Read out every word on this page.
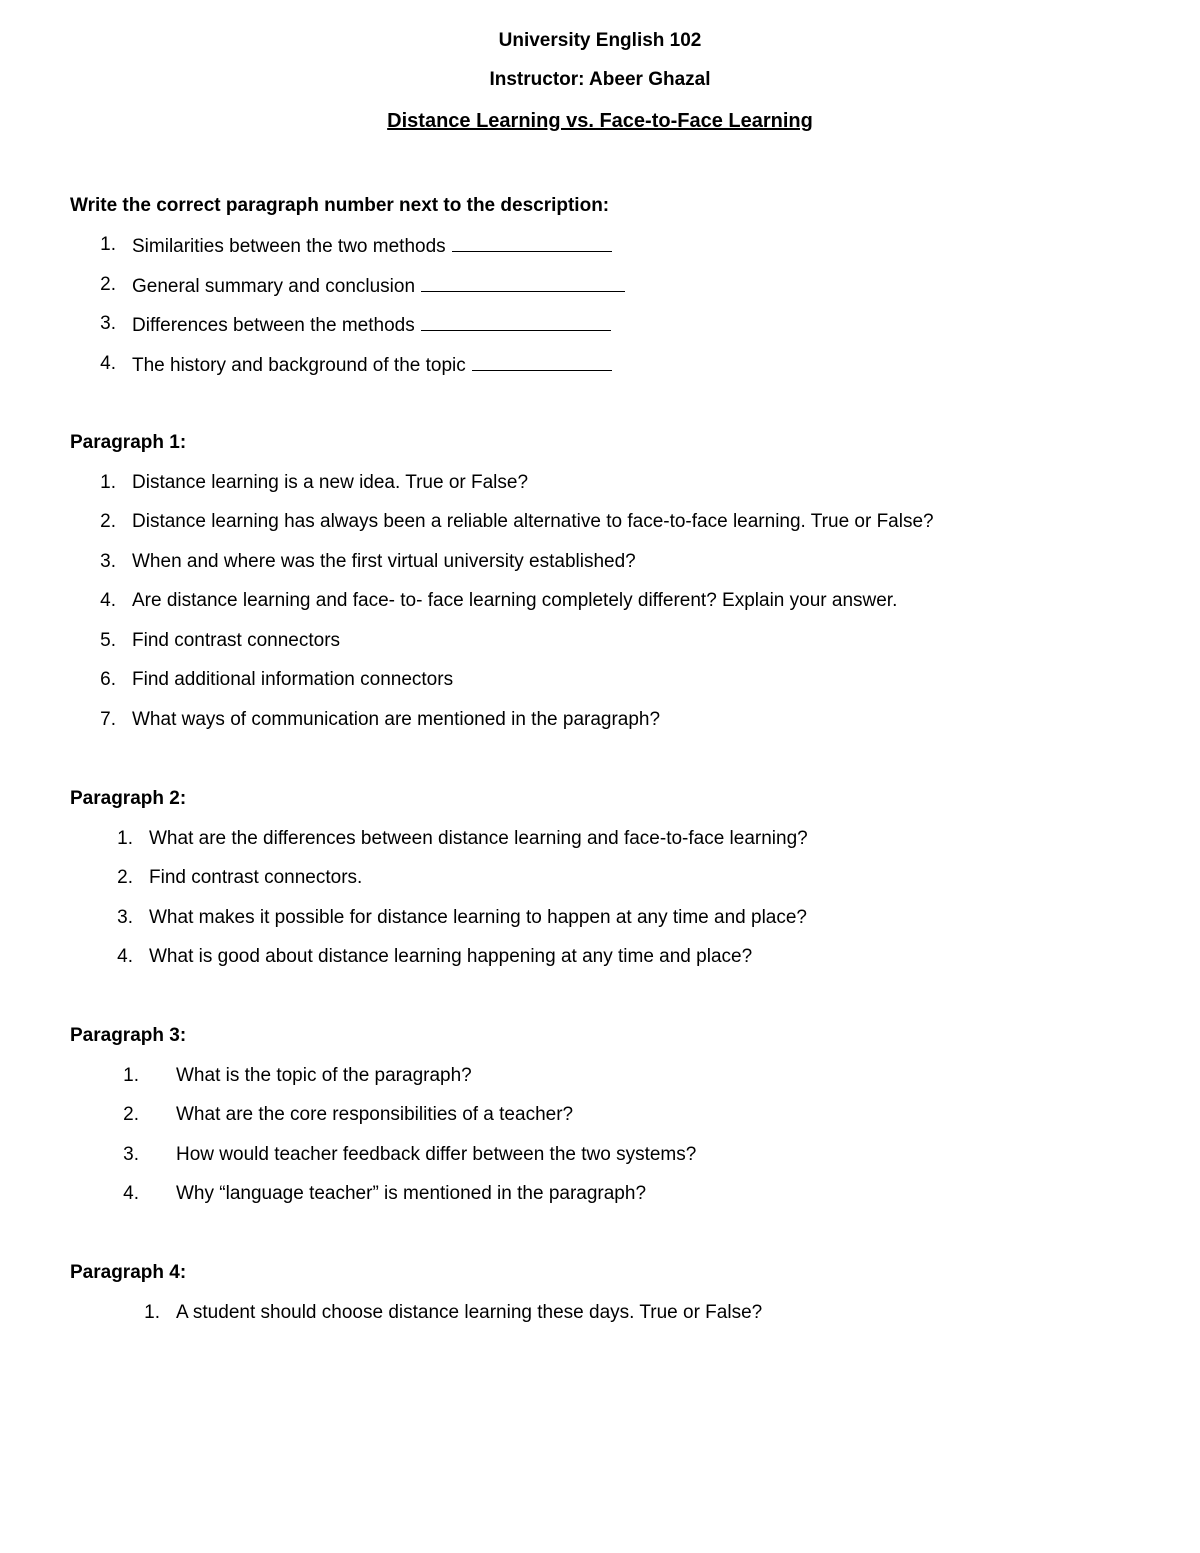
University English 102
Instructor: Abeer Ghazal
Distance Learning vs. Face-to-Face Learning
Write the correct paragraph number next to the description:
1. Similarities between the two methods
2. General summary and conclusion
3. Differences between the methods
4. The history and background of the topic
Paragraph 1:
1. Distance learning is a new idea. True or False?
2. Distance learning has always been a reliable alternative to face-to-face learning. True or False?
3. When and where was the first virtual university established?
4. Are distance learning and face- to- face learning completely different? Explain your answer.
5. Find contrast connectors
6. Find additional information connectors
7. What ways of communication are mentioned in the paragraph?
Paragraph 2:
1. What are the differences between distance learning and face-to-face learning?
2. Find contrast connectors.
3. What makes it possible for distance learning to happen at any time and place?
4. What is good about distance learning happening at any time and place?
Paragraph 3:
1. What is the topic of the paragraph?
2. What are the core responsibilities of a teacher?
3. How would teacher feedback differ between the two systems?
4. Why “language teacher” is mentioned in the paragraph?
Paragraph 4:
1. A student should choose distance learning these days. True or False?
